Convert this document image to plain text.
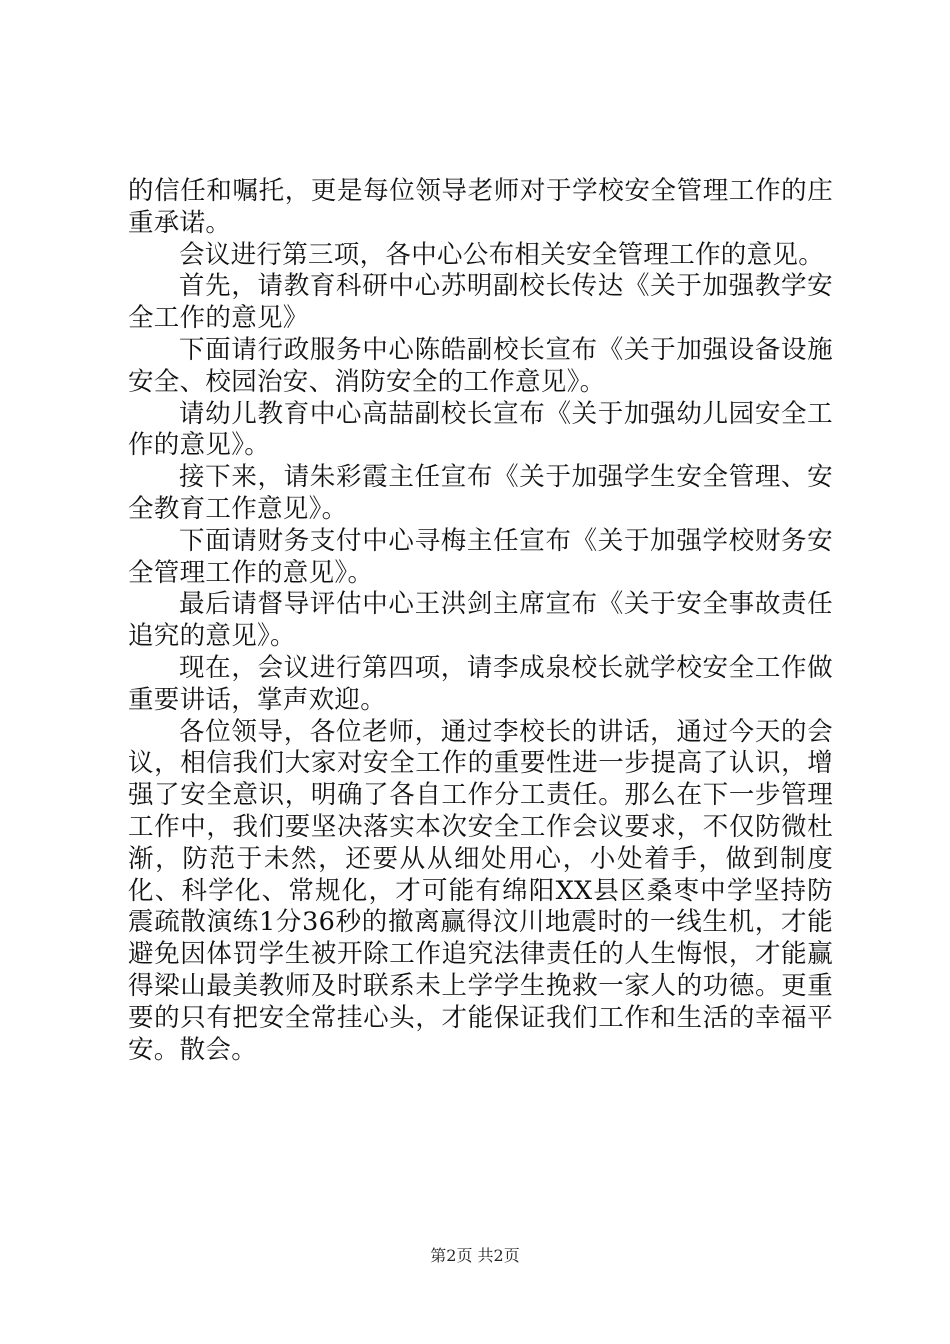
的信任和嘱托，更是每位领导老师对于学校安全管理工作的庄重承诺。

会议进行第三项，各中心公布相关安全管理工作的意见。

首先，请教育科研中心苏明副校长传达《关于加强教学安全工作的意见》

下面请行政服务中心陈皓副校长宣布《关于加强设备设施安全、校园治安、消防安全的工作意见》。

请幼儿教育中心高喆副校长宣布《关于加强幼儿园安全工作的意见》。

接下来，请朱彩霞主任宣布《关于加强学生安全管理、安全教育工作意见》。

下面请财务支付中心寻梅主任宣布《关于加强学校财务安全管理工作的意见》。

最后请督导评估中心王洪剑主席宣布《关于安全事故责任追究的意见》。

现在，会议进行第四项，请李成泉校长就学校安全工作做重要讲话，掌声欢迎。

各位领导，各位老师，通过李校长的讲话，通过今天的会议，相信我们大家对安全工作的重要性进一步提高了认识，增强了安全意识，明确了各自工作分工责任。那么在下一步管理工作中，我们要坚决落实本次安全工作会议要求，不仅防微杜渐，防范于未然，还要从从细处用心，小处着手，做到制度化、科学化、常规化，才可能有绵阳XX县区桑枣中学坚持防震疏散演练1分36秒的撤离赢得汶川地震时的一线生机，才能避免因体罚学生被开除工作追究法律责任的人生悔恨，才能赢得梁山最美教师及时联系未上学学生挽救一家人的功德。更重要的只有把安全常挂心头，才能保证我们工作和生活的幸福平安。散会。

第2页 共2页
